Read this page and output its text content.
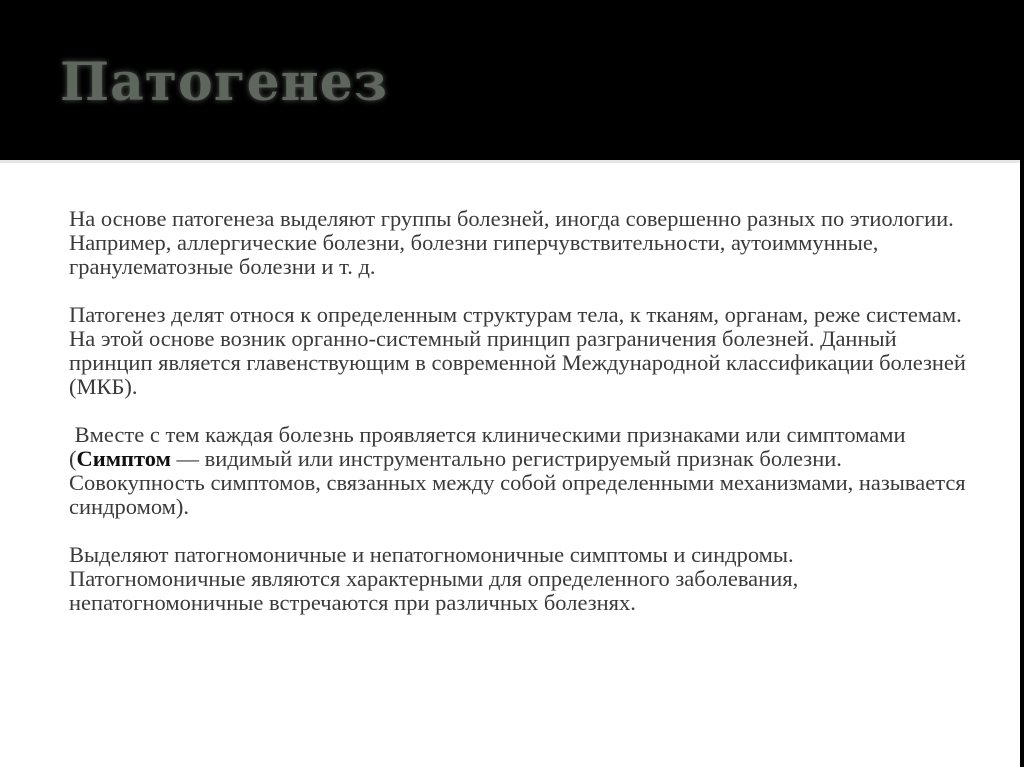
Патогенез

На основе патогенеза выделяют группы болезней, иногда совершенно разных по этиологии. Например, аллергические болезни, болезни гиперчувствительности, аутоиммунные, гранулематозные болезни и т. д.

Патогенез делят относя к определенным структурам тела, к тканям, органам, реже системам.  На этой основе возник органно-системный принцип разграничения болезней. Данный принцип является главенствующим в современной Международной классификации болезней (МКБ).

Вместе с тем каждая болезнь проявляется клиническими признаками или симптомами (Симптом — видимый или инструментально регистрируемый признак болезни. Совокупность симптомов, связанных между собой определенными механизмами, называется синдромом).

Выделяют патогномоничные и непатогномоничные симптомы и синдромы. Патогномоничные являются характерными для определенного заболевания, непатогномоничные встречаются при различных болезнях.
